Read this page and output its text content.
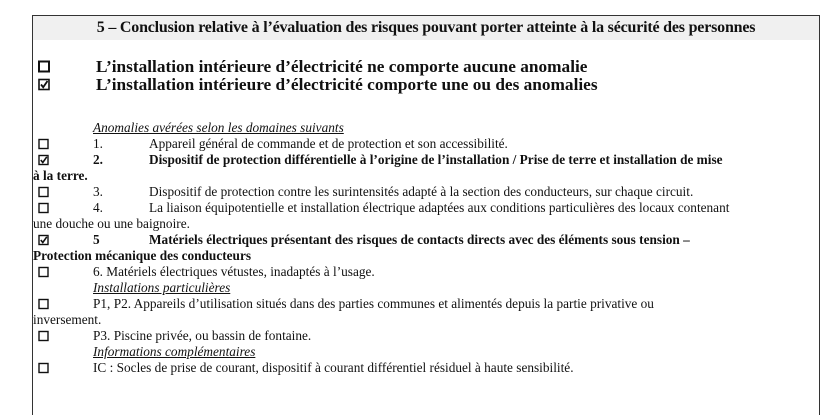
5 – Conclusion relative à l’évaluation des risques pouvant porter atteinte à la sécurité des personnes
L’installation intérieure d’électricité ne comporte aucune anomalie
L’installation intérieure d’électricité comporte une ou des anomalies
Anomalies avérées selon les domaines suivants
1.	Appareil général de commande et de protection et son accessibilité.
2.	Dispositif de protection différentielle à l’origine de l’installation / Prise de terre et installation de mise
à la terre.
3.	Dispositif de protection contre les surintensités adapté à la section des conducteurs, sur chaque circuit.
4.	La liaison équipotentielle et installation électrique adaptées aux conditions particulières des locaux contenant
une douche ou une baignoire.
5	Matériels électriques présentant des risques de contacts directs avec des éléments sous tension –
Protection mécanique des conducteurs
6. Matériels électriques vétustes, inadaptés à l’usage.
Installations particulières
P1, P2. Appareils d’utilisation situés dans des parties communes et alimentés depuis la partie privative ou
inversement.
P3. Piscine privée, ou bassin de fontaine.
Informations complémentaires
IC : Socles de prise de courant, dispositif à courant différentiel résiduel à haute sensibilité.
